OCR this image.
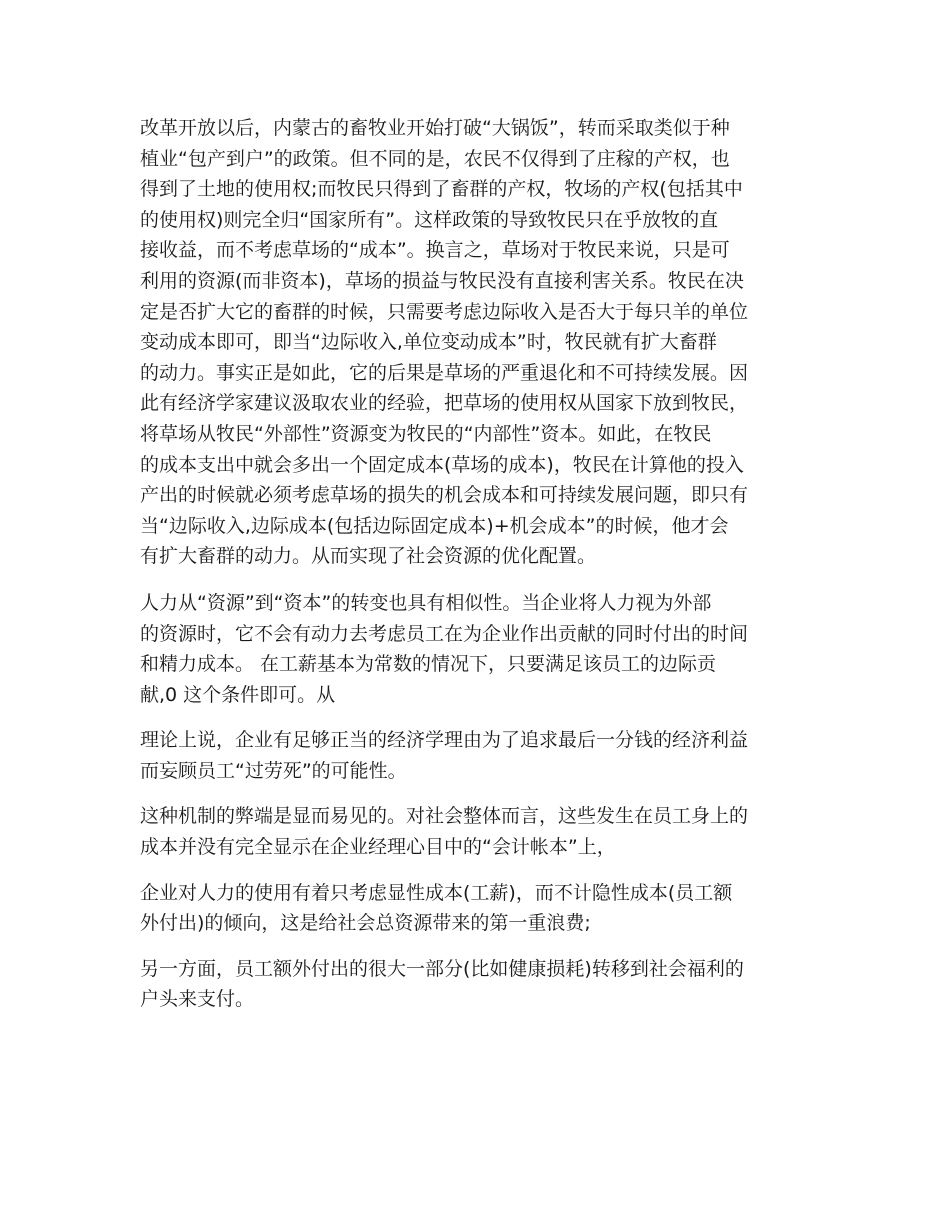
改革开放以后，内蒙古的畜牧业开始打破“大锅饭”，转而采取类似于种
植业“包产到户”的政策。但不同的是，农民不仅得到了庄稼的产权，也
得到了土地的使用权;而牧民只得到了畜群的产权，牧场的产权(包括其中
的使用权)则完全归“国家所有”。这样政策的导致牧民只在乎放牧的直
接收益，而不考虑草场的“成本”。换言之，草场对于牧民来说，只是可
利用的资源(而非资本)，草场的损益与牧民没有直接利害关系。牧民在决
定是否扩大它的畜群的时候，只需要考虑边际收入是否大于每只羊的单位
变动成本即可，即当“边际收入,单位变动成本”时，牧民就有扩大畜群
的动力。事实正是如此，它的后果是草场的严重退化和不可持续发展。因
此有经济学家建议汲取农业的经验，把草场的使用权从国家下放到牧民，
将草场从牧民“外部性”资源变为牧民的“内部性”资本。如此，在牧民
的成本支出中就会多出一个固定成本(草场的成本)，牧民在计算他的投入
产出的时候就必须考虑草场的损失的机会成本和可持续发展问题，即只有
当“边际收入,边际成本(包括边际固定成本)+机会成本”的时候，他才会
有扩大畜群的动力。从而实现了社会资源的优化配置。

人力从“资源”到“资本”的转变也具有相似性。当企业将人力视为外部
的资源时，它不会有动力去考虑员工在为企业作出贡献的同时付出的时间
和精力成本。 在工薪基本为常数的情况下，只要满足该员工的边际贡
献,0 这个条件即可。从

理论上说，企业有足够正当的经济学理由为了追求最后一分钱的经济利益
而妄顾员工“过劳死”的可能性。

这种机制的弊端是显而易见的。对社会整体而言，这些发生在员工身上的
成本并没有完全显示在企业经理心目中的“会计帐本”上，

企业对人力的使用有着只考虑显性成本(工薪)，而不计隐性成本(员工额
外付出)的倾向，这是给社会总资源带来的第一重浪费;

另一方面，员工额外付出的很大一部分(比如健康损耗)转移到社会福利的
户头来支付。
